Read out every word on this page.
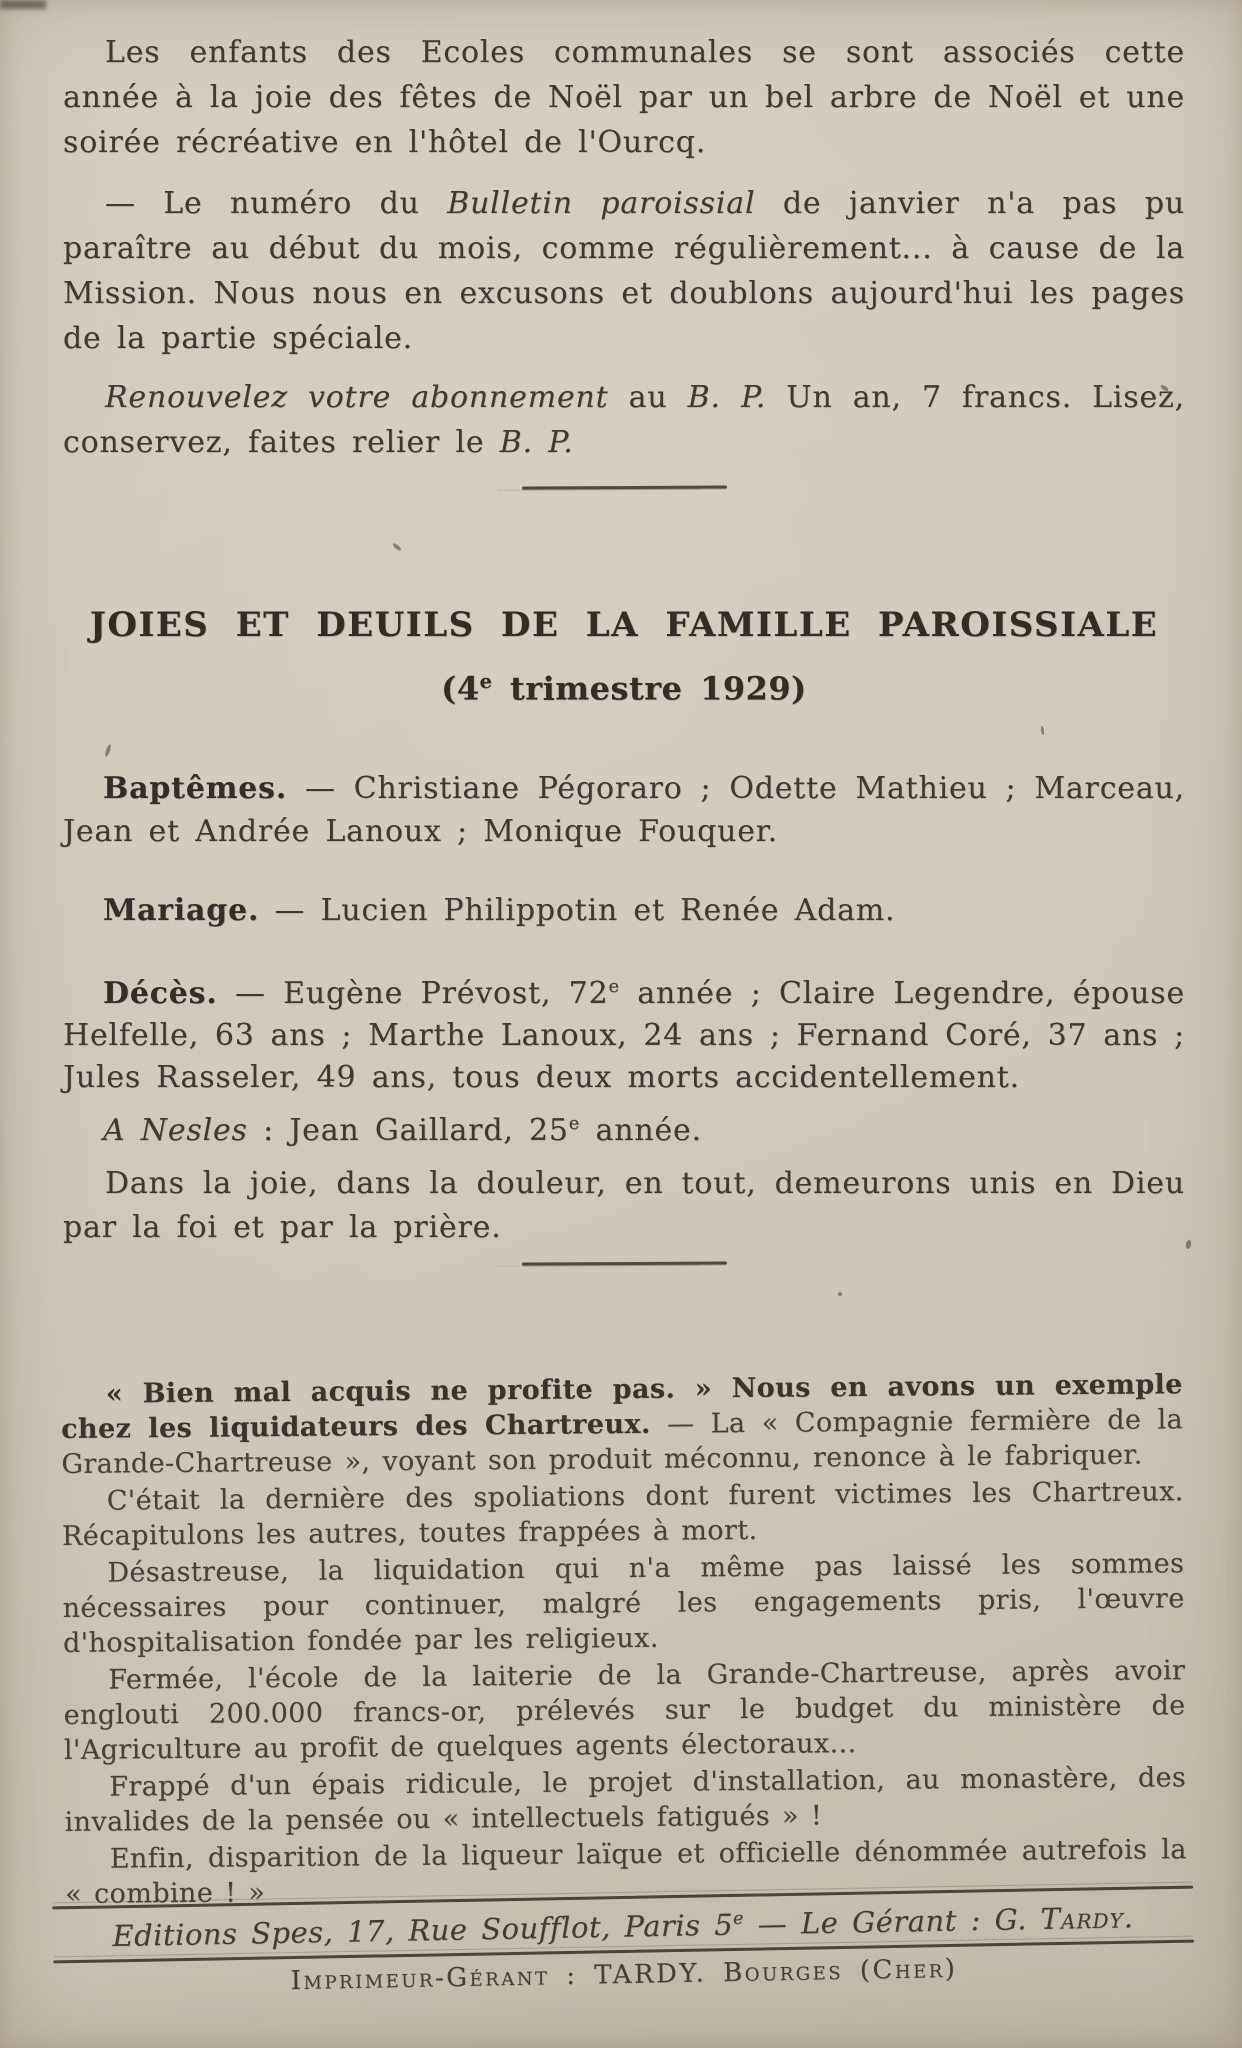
Les enfants des Ecoles communales se sont associés cette année à la joie des fêtes de Noël par un bel arbre de Noël et une soirée récréative en l'hôtel de l'Ourcq.

— Le numéro du Bulletin paroissial de janvier n'a pas pu paraître au début du mois, comme régulièrement... à cause de la Mission. Nous nous en excusons et doublons aujourd'hui les pages de la partie spéciale.

Renouvelez votre abonnement au B. P. Un an, 7 francs. Lisez, conservez, faites relier le B. P.

JOIES ET DEUILS DE LA FAMILLE PAROISSIALE
(4e trimestre 1929)

Baptêmes. — Christiane Pégoraro ; Odette Mathieu ; Marceau, Jean et Andrée Lanoux ; Monique Fouquer.

Mariage. — Lucien Philippotin et Renée Adam.

Décès. — Eugène Prévost, 72e année ; Claire Legendre, épouse Helfelle, 63 ans ; Marthe Lanoux, 24 ans ; Fernand Coré, 37 ans ; Jules Rasseler, 49 ans, tous deux morts accidentellement.

A Nesles : Jean Gaillard, 25e année.

Dans la joie, dans la douleur, en tout, demeurons unis en Dieu par la foi et par la prière.

« Bien mal acquis ne profite pas. » Nous en avons un exemple chez les liquidateurs des Chartreux. — La « Compagnie fermière de la Grande-Chartreuse », voyant son produit méconnu, renonce à le fabriquer.

C'était la dernière des spoliations dont furent victimes les Chartreux. Récapitulons les autres, toutes frappées à mort.

Désastreuse, la liquidation qui n'a même pas laissé les sommes nécessaires pour continuer, malgré les engagements pris, l'œuvre d'hospitalisation fondée par les religieux.

Fermée, l'école de la laiterie de la Grande-Chartreuse, après avoir englouti 200.000 francs-or, prélevés sur le budget du ministère de l'Agriculture au profit de quelques agents électoraux...

Frappé d'un épais ridicule, le projet d'installation, au monastère, des invalides de la pensée ou « intellectuels fatigués » !

Enfin, disparition de la liqueur laïque et officielle dénommée autrefois la « combine ! »

Editions Spes, 17, Rue Soufflot, Paris 5e — Le Gérant : G. Tardy.

Imprimeur-Gérant : TARDY. Bourges (Cher)
